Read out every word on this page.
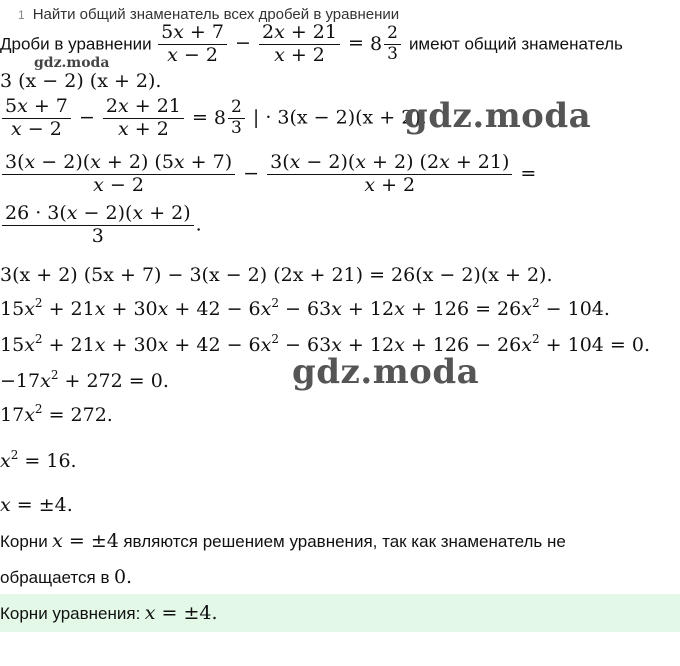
1 Найти общий знаменатель всех дробей в уравнении
Дроби в уравнении $\frac{5x + 7}{x - 2} - \frac{2x + 21}{x + 2} = 8 \frac{2}{3}$ имеют общий знаменатель
3 (x − 2) (x + 2).
gdz.moda
$\frac{5x + 7}{x - 2} - \frac{2x + 21}{x + 2} = 8 \frac{2}{3}$ | · 3(x − 2)(x + 2).
gdz.moda
$\frac{3(x - 2)(x + 2) (5x + 7)}{x - 2} - \frac{3(x - 2)(x + 2) (2x + 21)}{x + 2}$ =
$\frac{26 \cdot 3(x - 2)(x + 2)}{3}$ .
3(x + 2) (5x + 7) − 3(x − 2) (2x + 21) = 26(x − 2)(x + 2).
$15x^2 + 21x + 30x + 42 - 6x^2 - 63x + 12x + 126 = 26x^2 - 104$.
$15x^2 + 21x + 30x + 42 - 6x^2 - 63x + 12x + 126 - 26x^2 + 104 = 0$.
$-17x^2 + 272 = 0$.	gdz.moda
$17x^2 = 272$.
$x^2 = 16$.
x = ±4.
Корни x = ±4 являются решением уравнения, так как знаменатель не
обращается в 0.
Корни уравнения: x = ±4.
